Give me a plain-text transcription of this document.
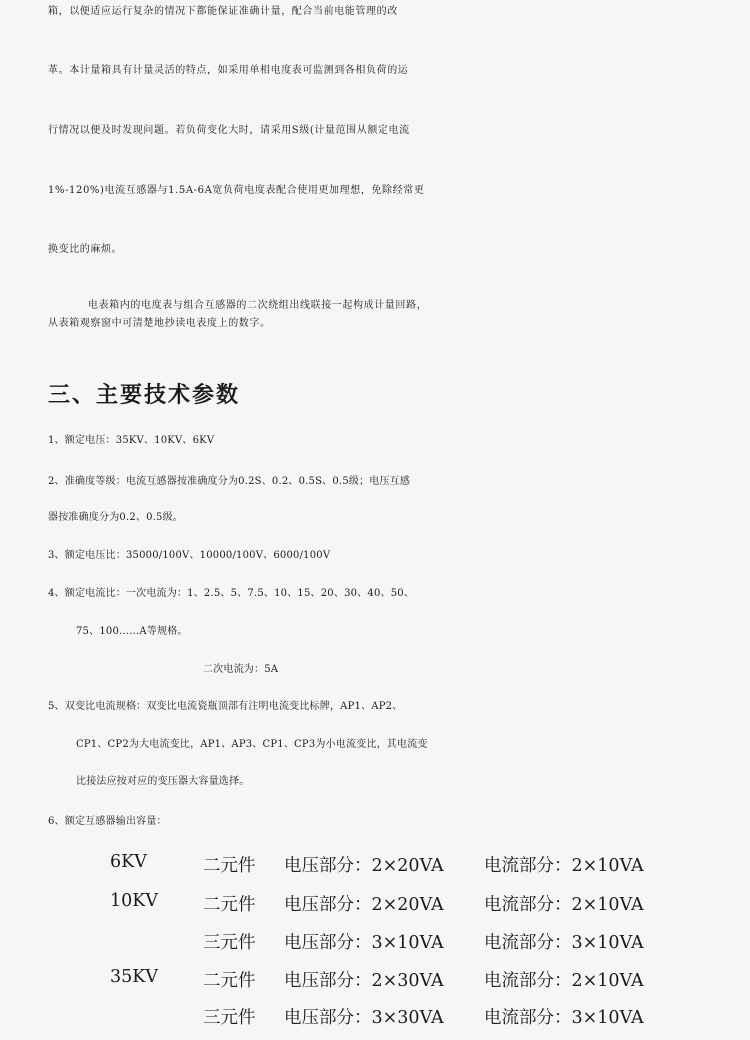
箱，以便适应运行复杂的情况下都能保证准确计量，配合当前电能管理的改
革。本计量箱具有计量灵活的特点，如采用单相电度表可监测到各相负荷的运
行情况以便及时发现问题。若负荷变化大时，请采用S级(计量范围从额定电流
1%-120%)电流互感器与1.5A-6A宽负荷电度表配合使用更加理想，免除经常更
换变比的麻烦。
电表箱内的电度表与组合互感器的二次绕组出线联接一起构成计量回路，
从表箱观察窗中可清楚地抄读电表度上的数字。
三、主要技术参数
1、额定电压：35KV、10KV、6KV
2、准确度等级：电流互感器按准确度分为0.2S、0.2、0.5S、0.5级；电压互感
器按准确度分为0.2、0.5级。
3、额定电压比：35000/100V、10000/100V、6000/100V
4、额定电流比：一次电流为：1、2.5、5、7.5、10、15、20、30、40、50、
75、100……A等规格。
二次电流为：5A
5、双变比电流规格：双变比电流瓷瓶顶部有注明电流变比标牌，AP1、AP2、
CP1、CP2为大电流变比，AP1、AP3、CP1、CP3为小电流变比，其电流变
比接法应按对应的变压器大容量选择。
6、额定互感器输出容量：
6KV	二元件 电压部分：2×20VA 电流部分：2×10VA
10KV	二元件 电压部分：2×20VA 电流部分：2×10VA
三元件 电压部分：3×10VA 电流部分：3×10VA
35KV	二元件 电压部分：2×30VA 电流部分：2×10VA
三元件 电压部分：3×30VA 电流部分：3×10VA
